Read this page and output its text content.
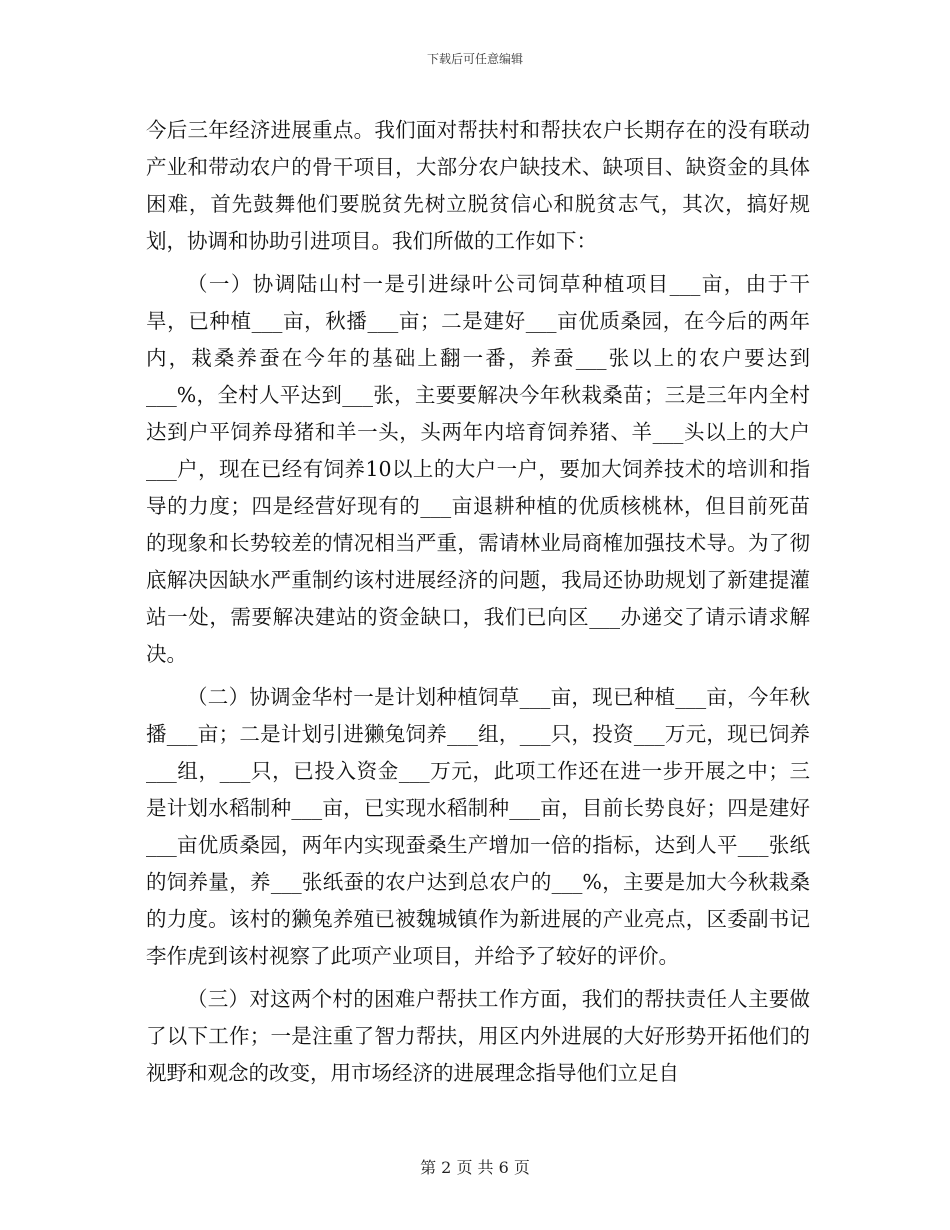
下载后可任意编辑

今后三年经济进展重点。我们面对帮扶村和帮扶农户长期存在的没有联动产业和带动农户的骨干项目，大部分农户缺技术、缺项目、缺资金的具体困难，首先鼓舞他们要脱贫先树立脱贫信心和脱贫志气，其次，搞好规划，协调和协助引进项目。我们所做的工作如下：

（一）协调陆山村一是引进绿叶公司饲草种植项目___亩，由于干旱，已种植___亩，秋播___亩；二是建好___亩优质桑园，在今后的两年内，栽桑养蚕在今年的基础上翻一番，养蚕___张以上的农户要达到___%，全村人平达到___张，主要要解决今年秋栽桑苗；三是三年内全村达到户平饲养母猪和羊一头，头两年内培育饲养猪、羊___头以上的大户___户，现在已经有饲养10以上的大户一户，要加大饲养技术的培训和指导的力度；四是经营好现有的___亩退耕种植的优质核桃林，但目前死苗的现象和长势较差的情况相当严重，需请林业局商榷加强技术导。为了彻底解决因缺水严重制约该村进展经济的问题，我局还协助规划了新建提灌站一处，需要解决建站的资金缺口，我们已向区___办递交了请示请求解决。

（二）协调金华村一是计划种植饲草___亩，现已种植___亩，今年秋播___亩；二是计划引进獭兔饲养___组，___只，投资___万元，现已饲养___组，___只，已投入资金___万元，此项工作还在进一步开展之中；三是计划水稻制种___亩，已实现水稻制种___亩，目前长势良好；四是建好___亩优质桑园，两年内实现蚕桑生产增加一倍的指标，达到人平___张纸的饲养量，养___张纸蚕的农户达到总农户的___%，主要是加大今秋栽桑的力度。该村的獭兔养殖已被魏城镇作为新进展的产业亮点，区委副书记李作虎到该村视察了此项产业项目，并给予了较好的评价。

（三）对这两个村的困难户帮扶工作方面，我们的帮扶责任人主要做了以下工作；一是注重了智力帮扶，用区内外进展的大好形势开拓他们的视野和观念的改变，用市场经济的进展理念指导他们立足自

第 2 页 共 6 页
